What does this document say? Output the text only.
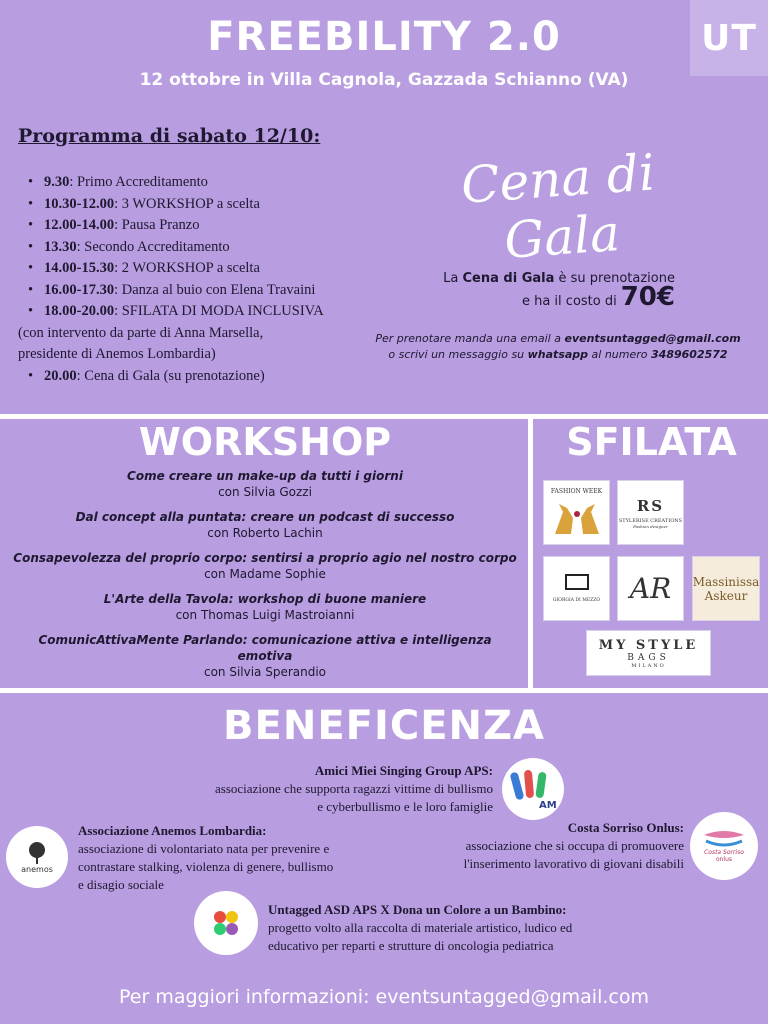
FREEBILITY 2.0
12 ottobre in Villa Cagnola, Gazzada Schianno (VA)
UT
Programma di sabato 12/10:
• 9.30: Primo Accreditamento
• 10.30-12.00: 3 WORKSHOP a scelta
• 12.00-14.00: Pausa Pranzo
• 13.30: Secondo Accreditamento
• 14.00-15.30: 2 WORKSHOP a scelta
• 16.00-17.30: Danza al buio con Elena Travaini
• 18.00-20.00: SFILATA DI MODA INCLUSIVA
(con intervento da parte di Anna Marsella,
presidente di Anemos Lombardia)
• 20.00: Cena di Gala (su prenotazione)
Cena di Gala
La Cena di Gala è su prenotazione
e ha il costo di 70€
Per prenotare manda una email a eventsuntagged@gmail.com
o scrivi un messaggio su whatsapp al numero 3489602572
WORKSHOP
Come creare un make-up da tutti i giorni
con Silvia Gozzi
Dal concept alla puntata: creare un podcast di successo
con Roberto Lachin
Consapevolezza del proprio corpo: sentirsi a proprio agio nel nostro corpo
con Madame Sophie
L'Arte della Tavola: workshop di buone maniere
con Thomas Luigi Mastroianni
ComunicAttivaMente Parlando: comunicazione attiva e intelligenza emotiva
con Silvia Sperandio
SFILATA
FASHION WEEK
RS
STYLERISE CREATIONS
Fashion designer
GIORGIA DI MEZZO AR Massinissa
Askeur
MY STYLE
BAGS
MILANO
BENEFICENZA
Amici Miei Singing Group APS:
associazione che supporta ragazzi vittime di bullismo
e cyberbullismo e le loro famiglie	AM
anemos
Associazione Anemos Lombardia:
associazione di volontariato nata per prevenire e
contrastare stalking, violenza di genere, bullismo
e disagio sociale
Costa Sorriso Onlus:
associazione che si occupa di promuovere
l'inserimento lavorativo di giovani disabili
Costa Sorriso
onlus
Untagged ASD APS X Dona un Colore a un Bambino:
progetto volto alla raccolta di materiale artistico, ludico ed
educativo per reparti e strutture di oncologia pediatrica
Per maggiori informazioni: eventsuntagged@gmail.com
